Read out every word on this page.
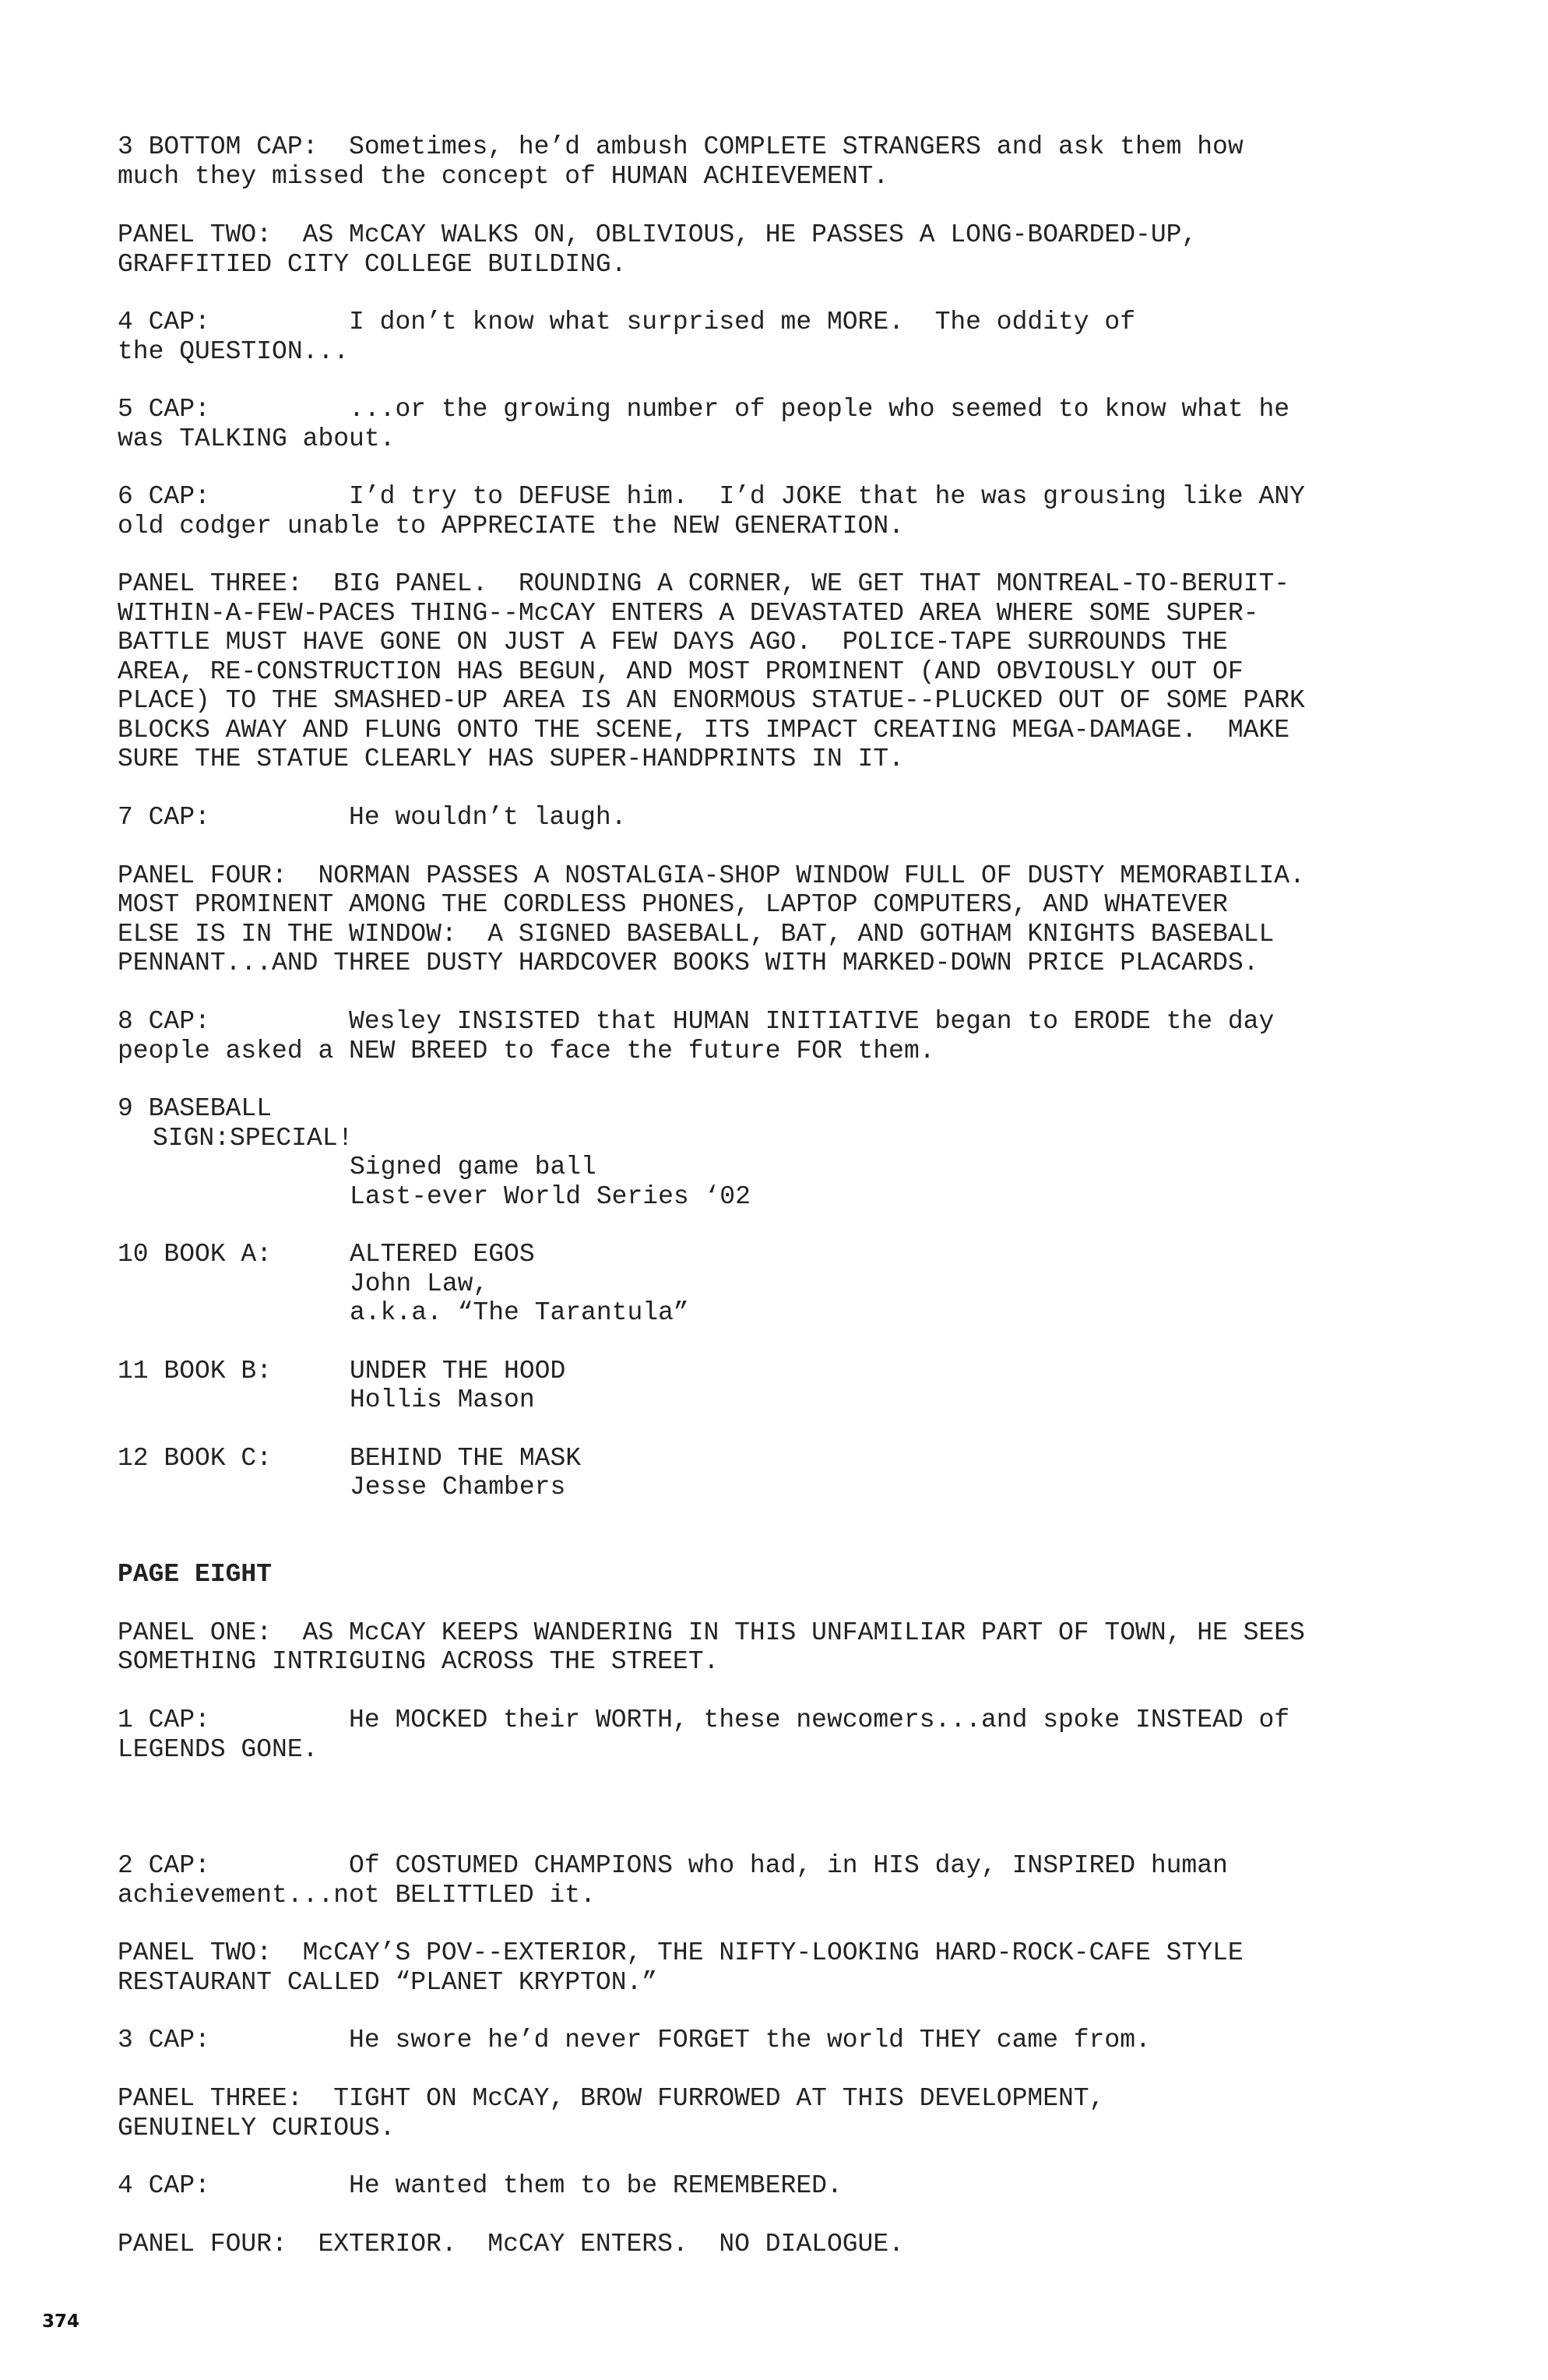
3 BOTTOM CAP:  Sometimes, he’d ambush COMPLETE STRANGERS and ask them how
much they missed the concept of HUMAN ACHIEVEMENT.
PANEL TWO:  AS McCAY WALKS ON, OBLIVIOUS, HE PASSES A LONG-BOARDED-UP,
GRAFFITIED CITY COLLEGE BUILDING.
4 CAP:         I don’t know what surprised me MORE.  The oddity of
the QUESTION...
5 CAP:         ...or the growing number of people who seemed to know what he
was TALKING about.
6 CAP:         I’d try to DEFUSE him.  I’d JOKE that he was grousing like ANY
old codger unable to APPRECIATE the NEW GENERATION.
PANEL THREE:  BIG PANEL.  ROUNDING A CORNER, WE GET THAT MONTREAL-TO-BERUIT-
WITHIN-A-FEW-PACES THING--McCAY ENTERS A DEVASTATED AREA WHERE SOME SUPER-
BATTLE MUST HAVE GONE ON JUST A FEW DAYS AGO.  POLICE-TAPE SURROUNDS THE
AREA, RE-CONSTRUCTION HAS BEGUN, AND MOST PROMINENT (AND OBVIOUSLY OUT OF
PLACE) TO THE SMASHED-UP AREA IS AN ENORMOUS STATUE--PLUCKED OUT OF SOME PARK
BLOCKS AWAY AND FLUNG ONTO THE SCENE, ITS IMPACT CREATING MEGA-DAMAGE.  MAKE
SURE THE STATUE CLEARLY HAS SUPER-HANDPRINTS IN IT.
7 CAP:         He wouldn’t laugh.
PANEL FOUR:  NORMAN PASSES A NOSTALGIA-SHOP WINDOW FULL OF DUSTY MEMORABILIA.
MOST PROMINENT AMONG THE CORDLESS PHONES, LAPTOP COMPUTERS, AND WHATEVER
ELSE IS IN THE WINDOW:  A SIGNED BASEBALL, BAT, AND GOTHAM KNIGHTS BASEBALL
PENNANT...AND THREE DUSTY HARDCOVER BOOKS WITH MARKED-DOWN PRICE PLACARDS.
8 CAP:         Wesley INSISTED that HUMAN INITIATIVE began to ERODE the day
people asked a NEW BREED to face the future FOR them.
9 BASEBALL
SIGN:SPECIAL!
Signed game ball
Last-ever World Series ‘02
10 BOOK A:	ALTERED EGOS
John Law,
a.k.a. “The Tarantula”
11 BOOK B:	UNDER THE HOOD
Hollis Mason
12 BOOK C:	BEHIND THE MASK
Jesse Chambers
PAGE EIGHT
PANEL ONE:  AS McCAY KEEPS WANDERING IN THIS UNFAMILIAR PART OF TOWN, HE SEES
SOMETHING INTRIGUING ACROSS THE STREET.
1 CAP:         He MOCKED their WORTH, these newcomers...and spoke INSTEAD of
LEGENDS GONE.
2 CAP:         Of COSTUMED CHAMPIONS who had, in HIS day, INSPIRED human
achievement...not BELITTLED it.
PANEL TWO:  McCAY’S POV--EXTERIOR, THE NIFTY-LOOKING HARD-ROCK-CAFE STYLE
RESTAURANT CALLED “PLANET KRYPTON.”
3 CAP:         He swore he’d never FORGET the world THEY came from.
PANEL THREE:  TIGHT ON McCAY, BROW FURROWED AT THIS DEVELOPMENT,
GENUINELY CURIOUS.
4 CAP:         He wanted them to be REMEMBERED.
PANEL FOUR:  EXTERIOR.  McCAY ENTERS.  NO DIALOGUE.
374
